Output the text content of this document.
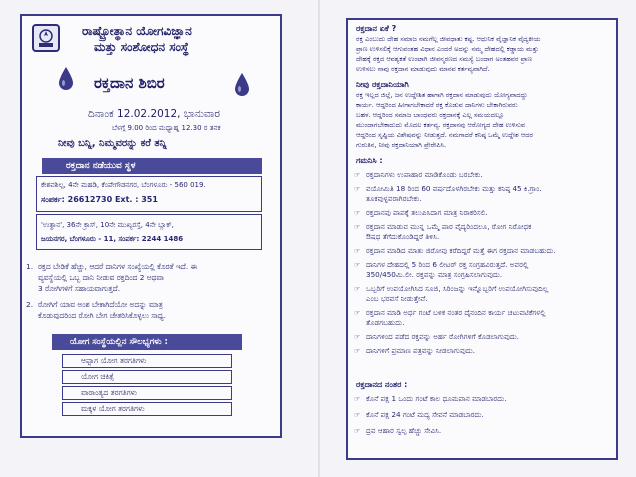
ರಾಷ್ಟ್ರೋತ್ಥಾನ ಯೋಗವಿಜ್ಞಾನ
ಮತ್ತು ಸಂಶೋಧನ ಸಂಸ್ಥೆ
ರಕ್ತದಾನ ಶಿಬಿರ
ದಿನಾಂಕ 12.02.2012, ಭಾನುವಾರ
ಬೆಳಗ್ಗೆ 9.00 ರಿಂದ ಮಧ್ಯಾಹ್ನ 12.30 ರ ತನಕ
ನೀವು ಬನ್ನಿ, ನಿಮ್ಮವರನ್ನು ಕರೆ ತನ್ನಿ
ರಕ್ತದಾನ ನಡೆಯುವ ಸ್ಥಳ
ಕೇಶವಶಿಲ್ಪ, 4ನೇ ಮಹಡಿ, ಕೆಂಪೇಗೌಡನಗರ, ಬೆಂಗಳೂರು - 560 019.
ಸಂಪರ್ಕ: 26612730 Ext. : 351
'ಉತ್ಥಾನ', 36ನೇ ಕ್ರಾಸ್, 10ನೇ ಮುಖ್ಯರಸ್ತೆ, 4ನೇ ಬ್ಲಾಕ್,
ಜಯನಗರ, ಬೆಂಗಳೂರು - 11, ಸಂಪರ್ಕ: 2244 1486
1. ರಕ್ತದ ಬೇಡಿಕೆ ಹೆಚ್ಚು, ಆದರೆ ದಾನಿಗಳ ಸಂಖ್ಯೆಯಲ್ಲಿ ಕೊರತೆ ಇದೆ. ಈ
ವ್ಯವಸ್ಥೆಯಲ್ಲಿ ಒಬ್ಬ ದಾನಿ ನೀಡುವ ರಕ್ತದಿಂದ 2 ಅಥವಾ
3 ರೋಗಿಗಳಿಗೆ ಸಹಾಯವಾಗುತ್ತದೆ.
2. ರೋಗಿಗೆ ಯಾವ ಅಂಶ ಬೇಕಾಗಿದೆಯೋ ಅದನ್ನು ಮಾತ್ರ
ಕೊಡುವುದರಿಂದ ರೋಗಿ ಬೇಗ ಚೇತರಿಸಿಕೊಳ್ಳಲು ಸಾಧ್ಯ.
ಯೋಗ ಸಂಸ್ಥೆಯಲ್ಲಿನ ಸೌಲಭ್ಯಗಳು :
ಆಫ್ಸಾಗ ಯೋಗ ತರಗತಿಗಳು
ಯೋಗ ಚಿಕಿತ್ಸೆ
ವಾರಾಂತ್ಯದ ತರಗತಿಗಳು
ಮಕ್ಕಳ ಯೋಗ ತರಗತಿಗಳು
ರಕ್ತದಾನ ಏಕೆ ?
ರಕ್ತ ಎಂಬುದು ದೇಹ ಸಮಾಜ ನಮಗೆಲ್ಲ ಜೀವಧಾತು ಕಷ್ಟ. ಆಧುನಿಕ ವೈಜ್ಞಾನಿಕ ವೈದ್ಯಕೀಯ
ಪ್ರಾಣ ಉಳಿಸಲಿಕ್ಕೆ ಆಗುವಂತಹ ವಿಧಾನ ಎಂದರೆ ಅದನ್ನು ನಮ್ಮ ದೇಹದಲ್ಲಿ ಕಡ್ಡಾಯ ಮತ್ತು
ದೇಹಕ್ಕೆ ರಕ್ತದ ಆವಶ್ಯಕತೆ ಉಂಟಾಗಿ ಜೀವನ್ಮರಣದ ಸಮಸ್ಯೆ ಬಂದಾಗ ಅಂತಹವರ ಪ್ರಾಣ
ಉಳಿಸಲು ನಾವು ರಕ್ತದಾನ ಮಾಡುವುದು ಮಾನವ ಕರ್ತವ್ಯವಾಗಿದೆ.
ನೀವು ರಕ್ತದಾನಿಯಾಗಿ
ರಕ್ತ ಇಲ್ಲದ ಜಿಲ್ಲೆ, ಜನ ಉದ್ದೇಶಿತ ಹಾಗಾಗಿ ರಕ್ತದಾನ ಮಾಡುವುದು ಯೋಗ್ಯವಾದದ್ದು
ಕಾರ್ಯ. ಆದ್ದರಿಂದ ಹೀಗಾಗಬೇಕಾದರೆ ರಕ್ತ ಕೊಡುವ ದಾನಿಗಳು ಬೇಕಾಗಿರುವರು
ಬಹಳ. ಆದ್ದರಿಂದ ಸಮಾಜ ಬಾಂಧವರು ರಕ್ತದಾನಕ್ಕೆ ಎಲ್ಲ ಸಮಯದಲ್ಲೂ
ಮುಂದಾಗಬೇಕಾದುದು ಮೊದಲ ಕರ್ತವ್ಯ. ರಕ್ತದಾನವು ಆರೋಗ್ಯದ ದೇಹ ಉಳಿಸುವ
ಆದ್ದರಿಂದ ಸೃಷ್ಟಿಯ ವಿಶೇಷವನ್ನು ನೀಡುತ್ತದೆ. ನಮಗಾದರೆ ಕನಿಷ್ಠ ಒಮ್ಮೆ ಉದ್ದೇಶ ಆದರ
ಗುರುತಿನ, ನೀವು ರಕ್ತದಾನಿಯಾಗಿ ಪ್ರೇರೇಪಿಸಿ.
ಗಮನಿಸಿ :
☞ ರಕ್ತದಾನಿಗಳು ಉಪಾಹಾರ ಮಾಡಿಕೊಂಡು ಬರಬೇಕು.
☞ ವಯೋಮಿತಿ 18 ರಿಂದ 60 ವರ್ಷದೊಳಗಿರಬೇಕು ಮತ್ತು ಕನಿಷ್ಠ 45 ಕಿ.ಗ್ರಾಂ.
ತೂಕವುಳ್ಳವರಾಗಿರಬೇಕು.
☞ ರಕ್ತದಾನವು ಪಾಪಕ್ಕೆ ತಲುಪಿಸಿದಾಗ ಮಾತ್ರ ನಿರಾಕರಿಸಲಿ.
☞ ರಕ್ತದಾನ ಮಾಡುವ ಮುನ್ನ ಒಮ್ಮೆ ಪಾರ ವೈದ್ಯರಿಂದಲೂ, ರೋಗ ನಿರೋಧಕ
ಔಷಧ ತೆಗೆದುಕೊಂಡಿದ್ದರೆ ತಿಳಿಸಿ.
☞ ರಕ್ತದಾನ ಮಾಡಿದ ಮಾತು ಜಿರೋವು ಕರೆದಿದ್ದರೆ ಮತ್ತೆ ಈಗ ರಕ್ತದಾನ ಮಾಡಬಹುದು.
☞ ದಾನಿಗಳ ದೇಹದಲ್ಲಿ 5 ರಿಂದ 6 ಲೀಟರ್ ರಕ್ತ ಸಂಗ್ರಹವಿರುತ್ತದೆ. ಅವರಲ್ಲಿ
350/450ಮಿ.ಲೀ. ರಕ್ತವನ್ನು ಮಾತ್ರ ಸಂಗ್ರಹಿಸಲಾಗುವುದು.
☞ ಒಬ್ಬರಿಗೆ ಉಪಯೋಗಿಸಿದ ಸೂಜಿ, ಸಿರಿಂಜನ್ನು ಇನ್ನೊಬ್ಬರಿಗೆ ಉಪಯೋಗಿಸುವುದಿಲ್ಲ
ಎಂಬ ಭರವಸೆ ನೀಡುತ್ತೇವೆ.
☞ ರಕ್ತದಾನ ಮಾಡಿ ಅರ್ಧ ಗಂಟೆ ಬಳಿಕ ನಂತರ ದೈನಂದಿನ ಕಾರ್ಯ ಚಟುವಟಿಕೆಗಳಲ್ಲಿ
ತೊಡಗಬಹುದು.
☞ ದಾನಿಗಳಿಂದ ಪಡೆದ ರಕ್ತವನ್ನು ಅರ್ಹ ರೋಗಿಗಳಿಗೆ ಕೊಡಲಾಗುವುದು.
☞ ದಾನಿಗಳಿಗೆ ಪ್ರಮಾಣ ಪತ್ರವನ್ನು ನೀಡಲಾಗುವುದು.
ರಕ್ತದಾನದ ನಂತರ :
☞ ಕೊನೆ ಪಕ್ಷ 1 ಒಂದು ಗಂಟೆ ಕಾಲ ಧೂಮಪಾನ ಮಾಡಬಾರದು.
☞ ಕೊನೆ ಪಕ್ಷ 24 ಗಂಟೆ ಮದ್ಯ ಸೇವನೆ ಮಾಡಬಾರದು.
☞ ದ್ರವ ಆಹಾರ ಸ್ವಲ್ಪ ಹೆಚ್ಚು ಸೇವಿಸಿ.
